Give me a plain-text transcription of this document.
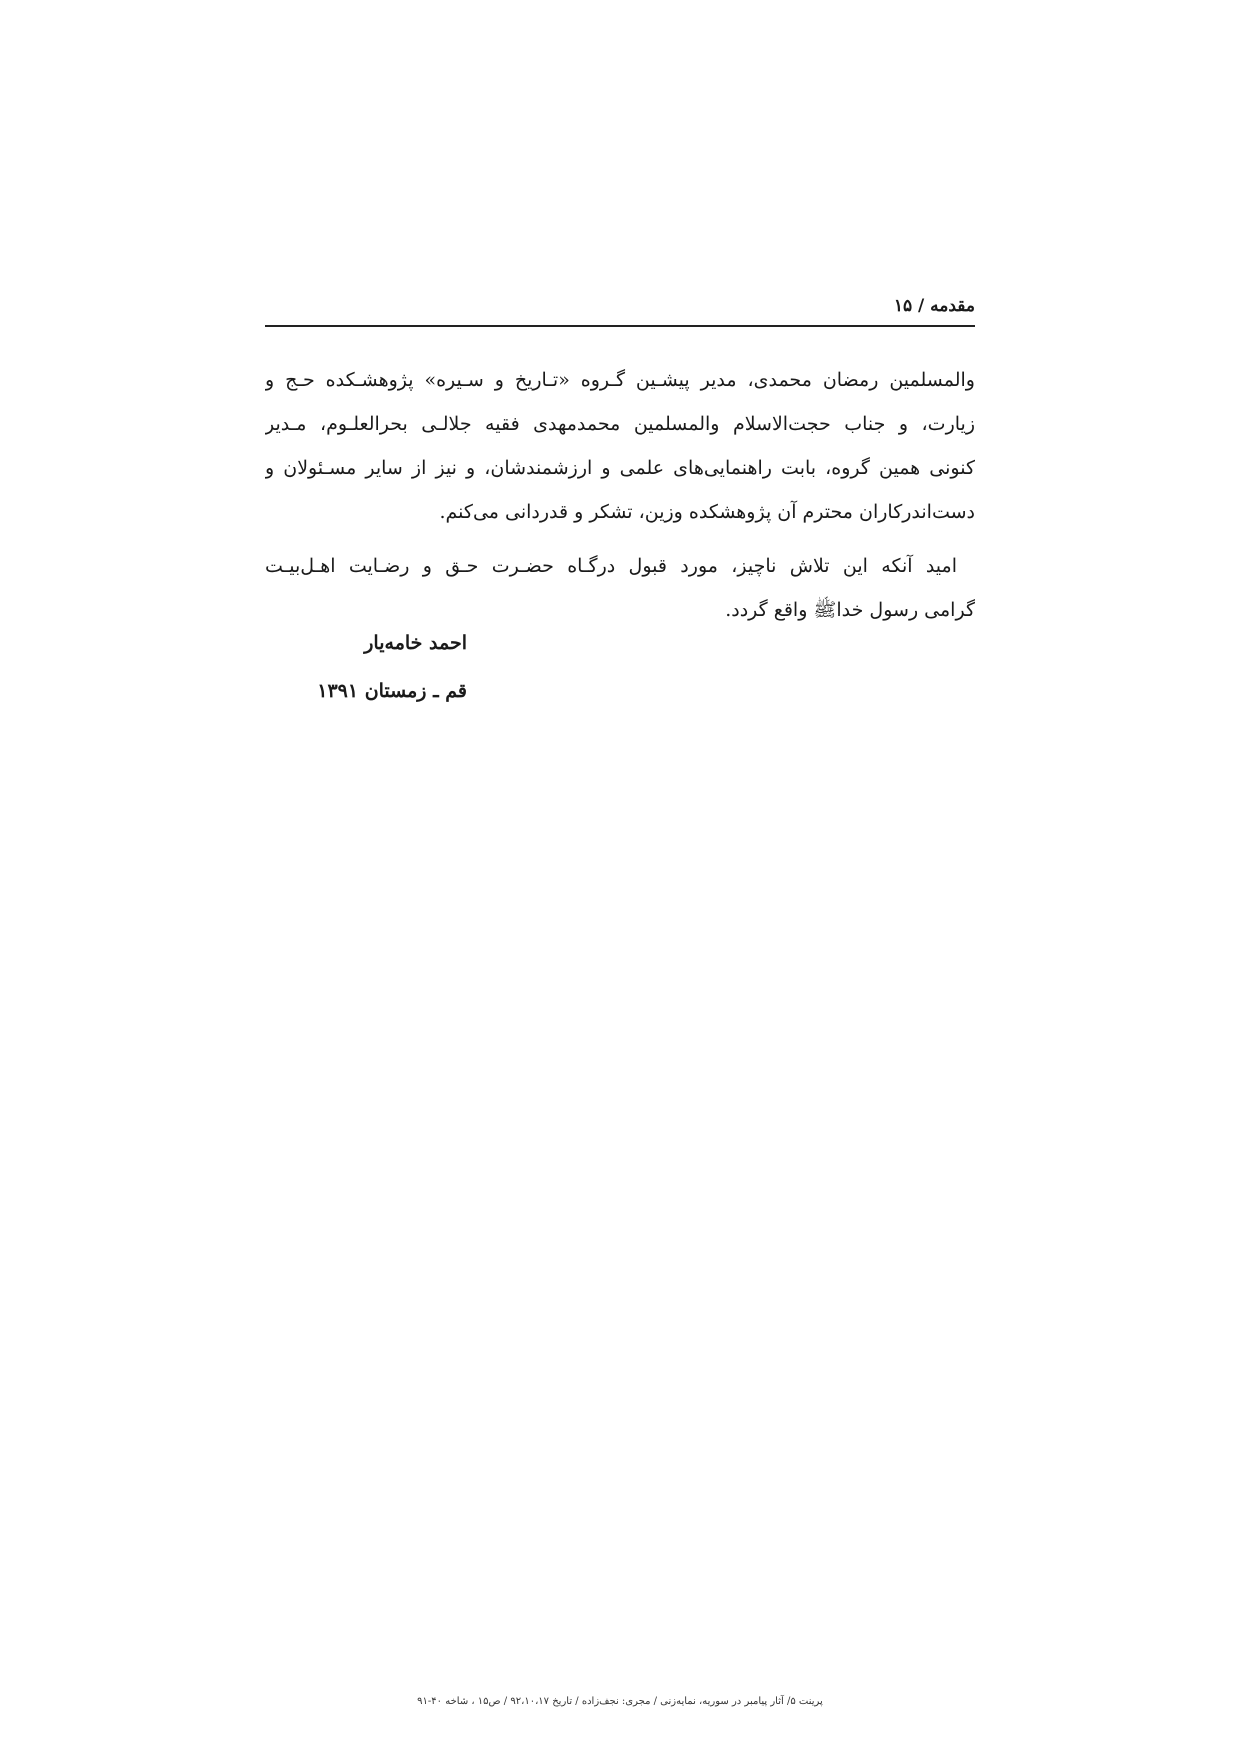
مقدمه / ۱۵
والمسلمین رمضان محمدی، مدیر پیشـین گـروه «تـاریخ و سـیره» پژوهشـکده حـج و
زیارت، و جناب حجت‌الاسلام والمسلمین محمدمهدی فقیه جلالـی بحرالعلـوم، مـدیر
کنونی همین گروه، بابت راهنمایی‌های علمی و ارزشمندشان، و نیز از سایر مسـئولان و
دست‌اندرکاران محترم آن پژوهشکده وزین، تشکر و قدردانی می‌کنم.
امید آنکه این تلاش ناچیز، مورد قبول درگـاه حضـرت حـق و رضـایت اهـل‌بیـت
گرامی رسول خداﷺ واقع گردد.
احمد خامه‌یار
قم ـ زمستان ۱۳۹۱
پرینت ۵/ آثار پیامبر در سوریه، نمایه‌زنی / مجری: نجف‌زاده / تاریخ ۹۲،۱۰،۱۷ / ص۱۵ ، شاخه ۴۰-۹۱
